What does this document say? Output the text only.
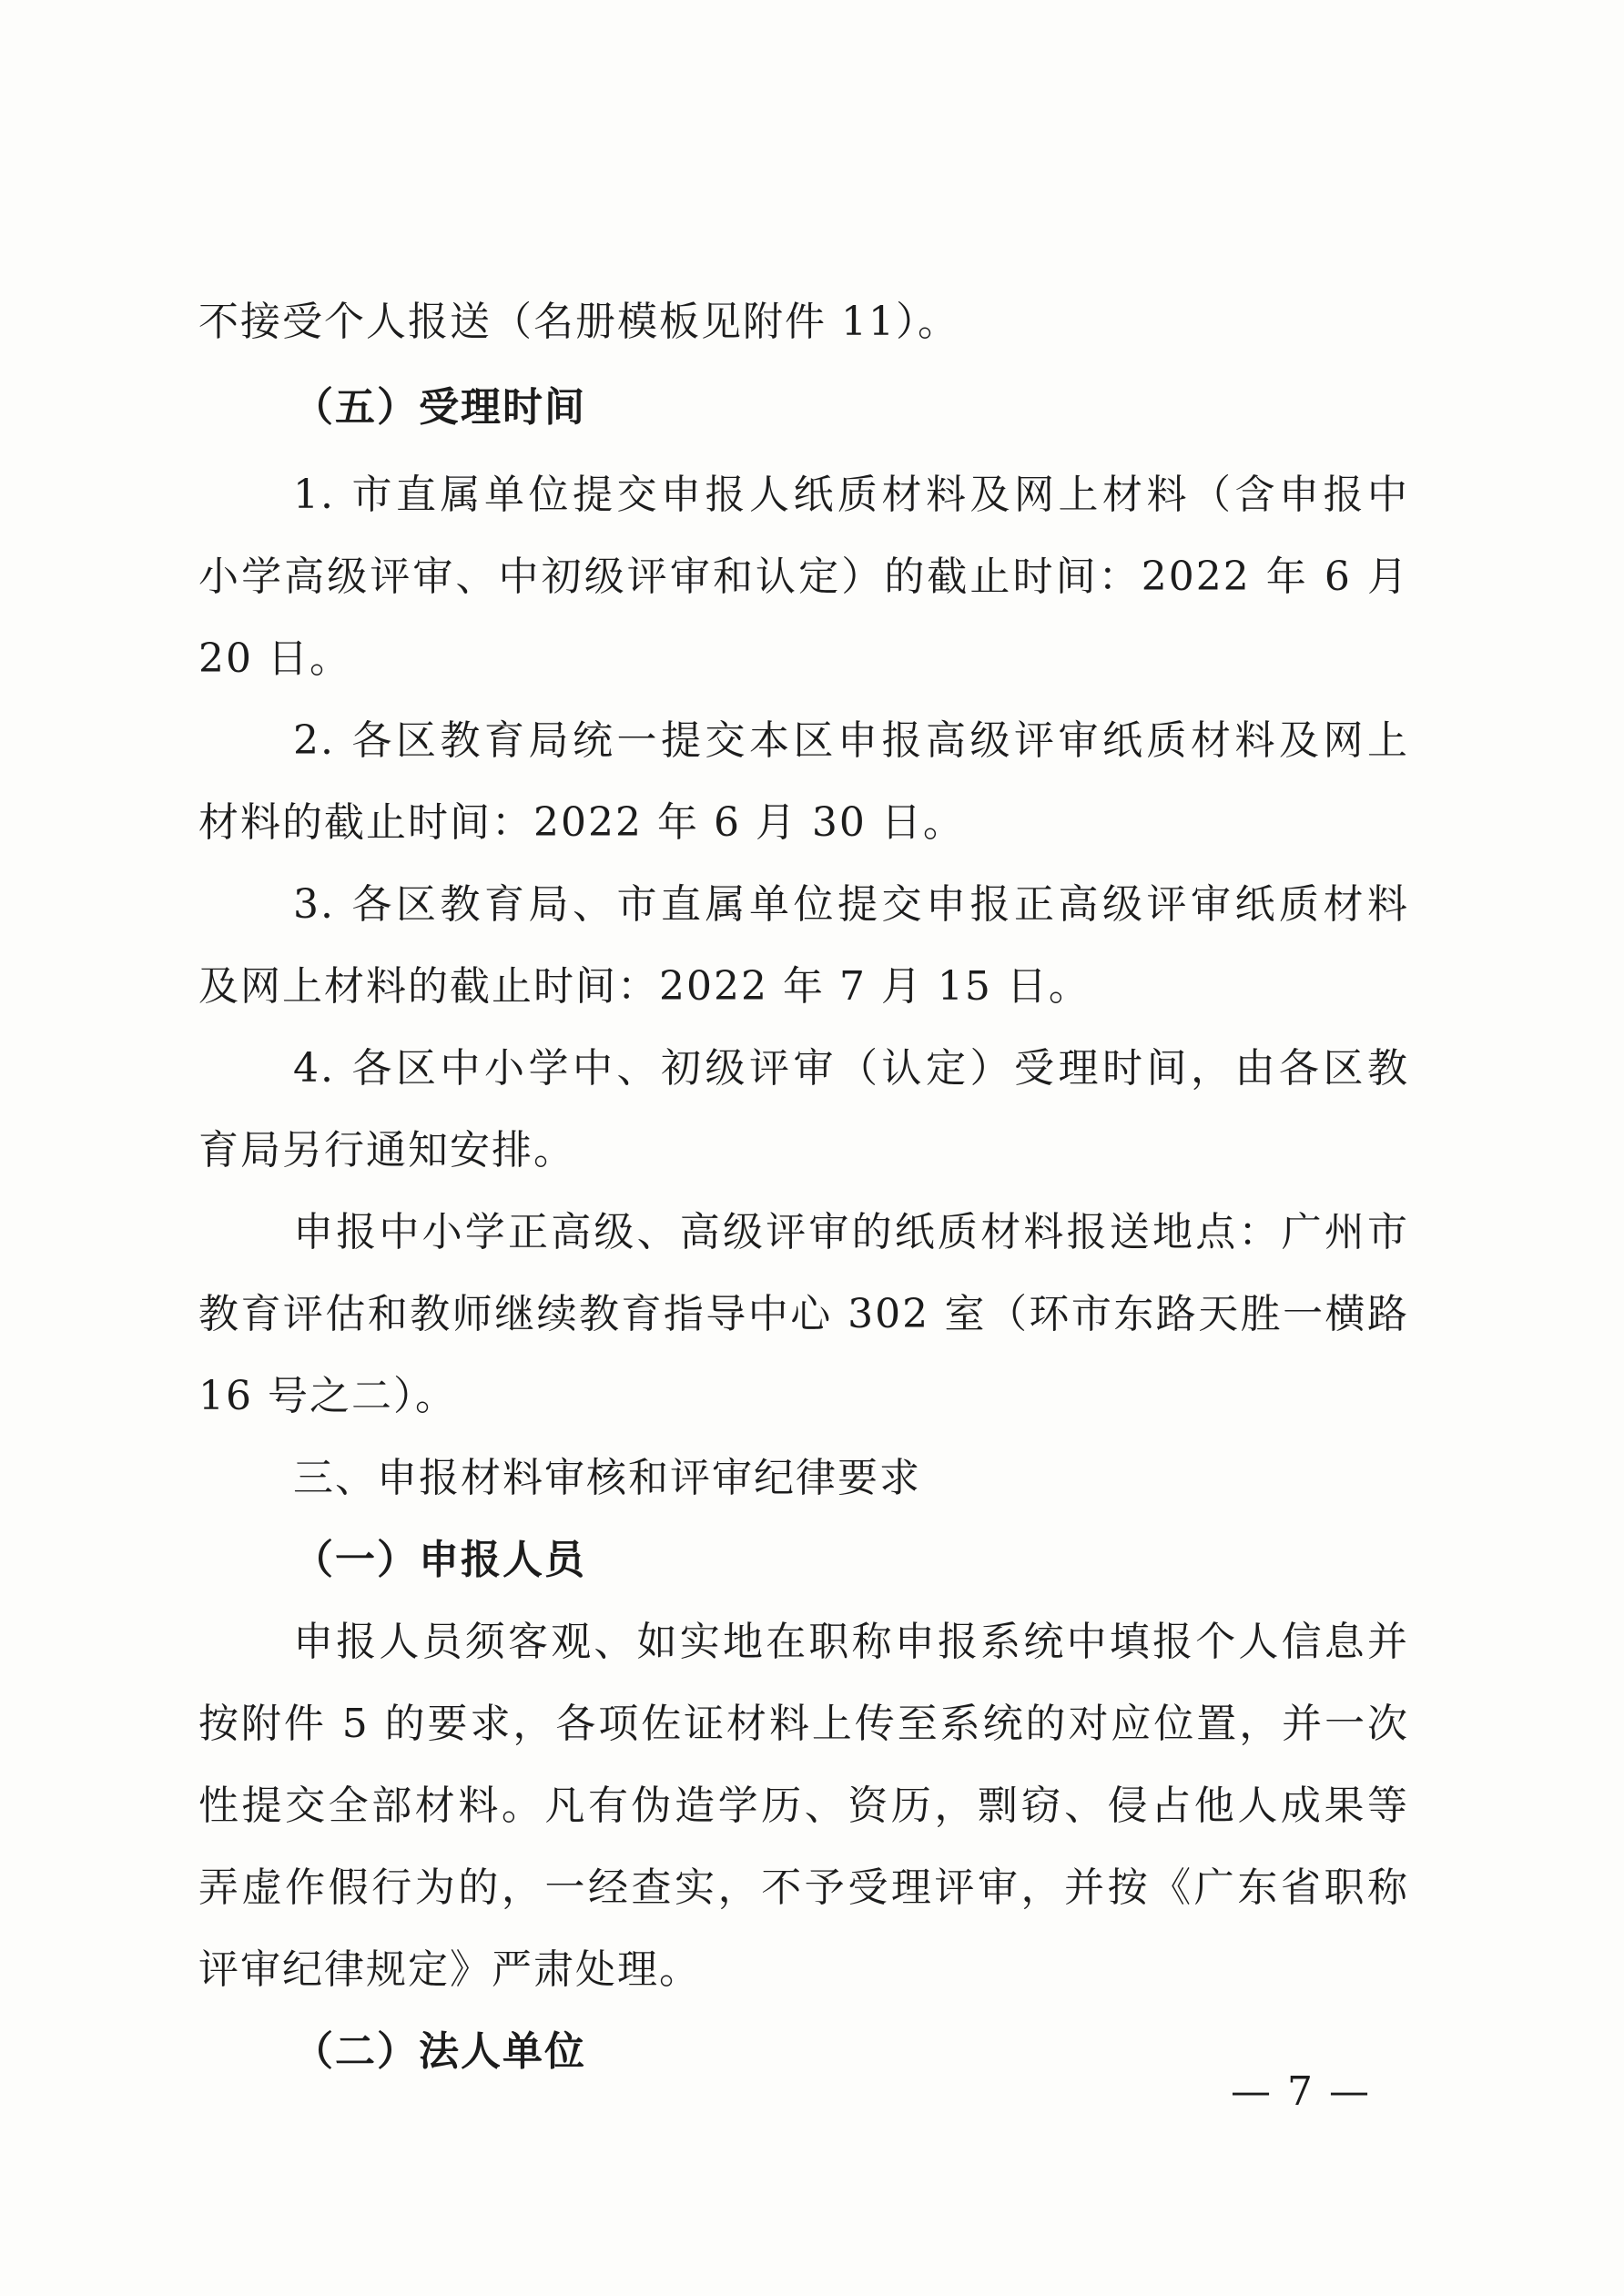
不接受个人报送（名册模板见附件 11）。
（五）受理时间
1. 市直属单位提交申报人纸质材料及网上材料（含申报中
小学高级评审、中初级评审和认定）的截止时间：2022 年 6 月
20 日。
2. 各区教育局统一提交本区申报高级评审纸质材料及网上
材料的截止时间：2022 年 6 月 30 日。
3. 各区教育局、市直属单位提交申报正高级评审纸质材料
及网上材料的截止时间：2022 年 7 月 15 日。
4. 各区中小学中、初级评审（认定）受理时间，由各区教
育局另行通知安排。
申报中小学正高级、高级评审的纸质材料报送地点：广州市
教育评估和教师继续教育指导中心 302 室（环市东路天胜一横路
16 号之二）。
三、申报材料审核和评审纪律要求
（一）申报人员
申报人员须客观、如实地在职称申报系统中填报个人信息并
按附件 5 的要求，各项佐证材料上传至系统的对应位置，并一次
性提交全部材料。凡有伪造学历、资历，剽窃、侵占他人成果等
弄虚作假行为的，一经查实，不予受理评审，并按《广东省职称
评审纪律规定》严肃处理。
（二）法人单位
— 7 —
